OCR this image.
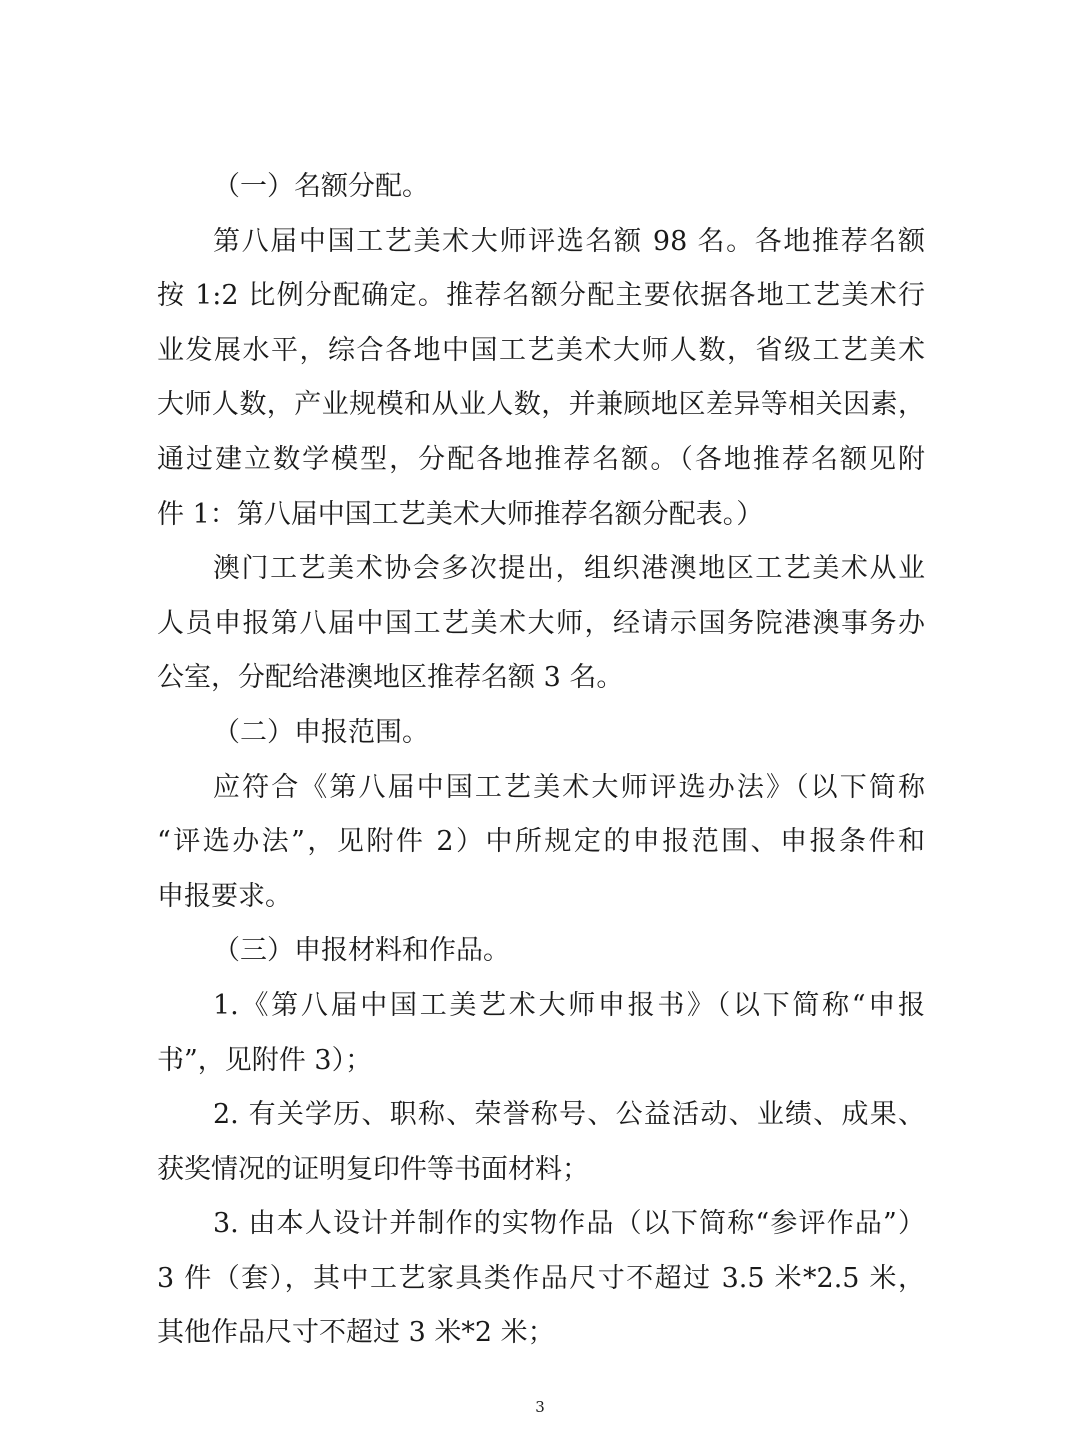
（一）名额分配。
第八届中国工艺美术大师评选名额 98 名。各地推荐名额
按 1:2 比例分配确定。推荐名额分配主要依据各地工艺美术行
业发展水平，综合各地中国工艺美术大师人数，省级工艺美术
大师人数，产业规模和从业人数，并兼顾地区差异等相关因素，
通过建立数学模型，分配各地推荐名额。（各地推荐名额见附
件 1：第八届中国工艺美术大师推荐名额分配表。）
澳门工艺美术协会多次提出，组织港澳地区工艺美术从业
人员申报第八届中国工艺美术大师，经请示国务院港澳事务办
公室，分配给港澳地区推荐名额 3 名。
（二）申报范围。
应符合《第八届中国工艺美术大师评选办法》（以下简称
“评选办法”，见附件 2）中所规定的申报范围、申报条件和
申报要求。
（三）申报材料和作品。
1.《第八届中国工美艺术大师申报书》（以下简称“申报
书”，见附件 3）；
2. 有关学历、职称、荣誉称号、公益活动、业绩、成果、
获奖情况的证明复印件等书面材料；
3. 由本人设计并制作的实物作品（以下简称“参评作品”）
3 件（套），其中工艺家具类作品尺寸不超过 3.5 米*2.5 米，
其他作品尺寸不超过 3 米*2 米；
3
